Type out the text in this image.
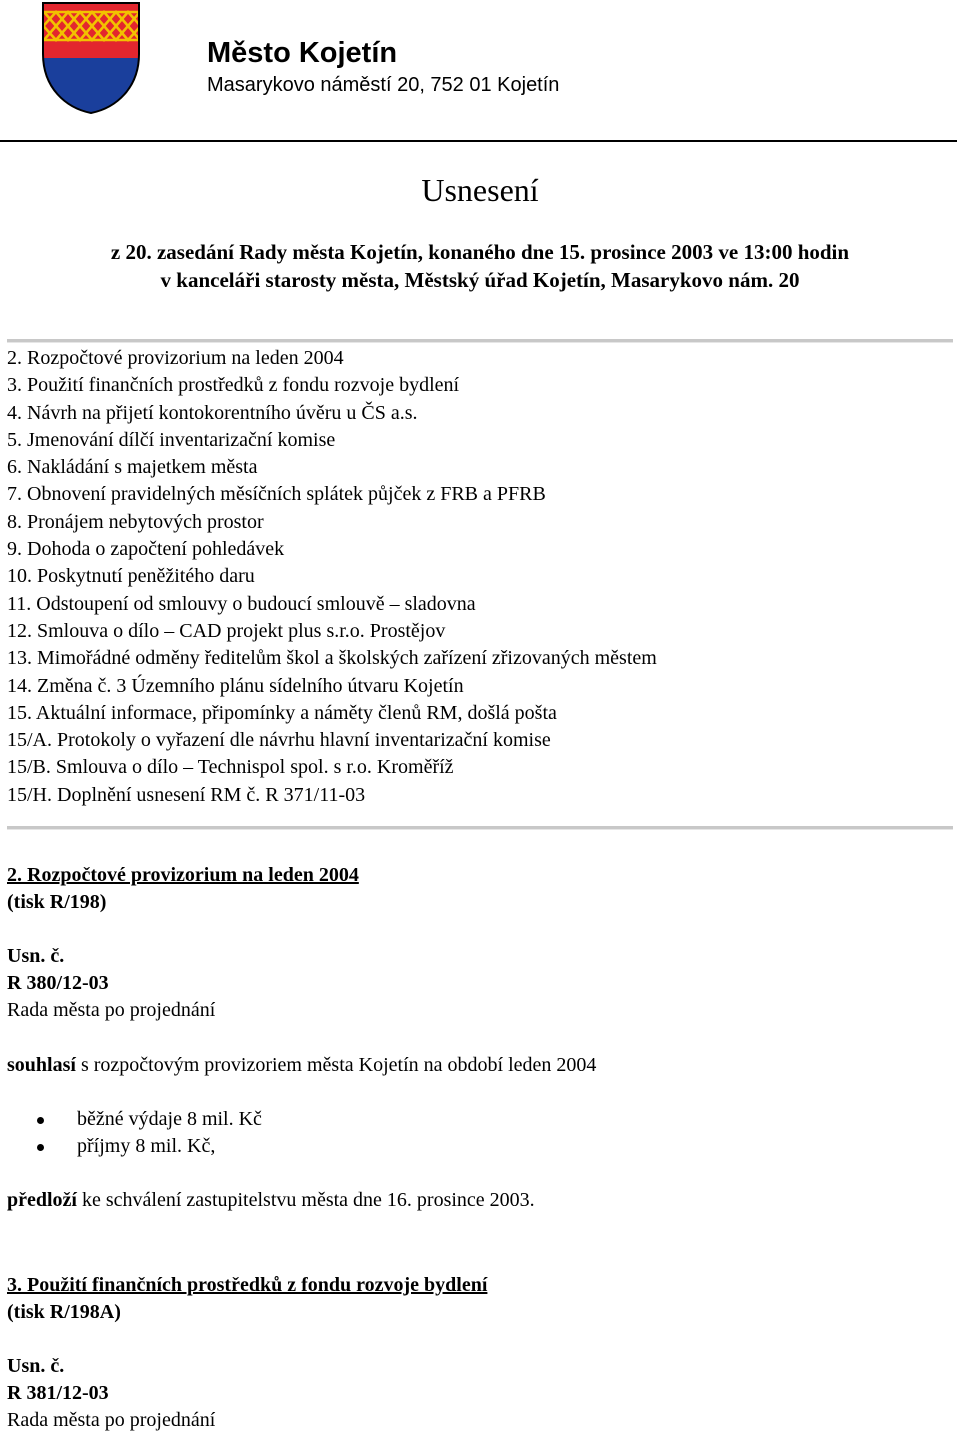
Město Kojetín
Masarykovo náměstí 20, 752 01 Kojetín
Usnesení
z 20. zasedání Rady města Kojetín, konaného dne 15. prosince 2003 ve 13:00 hodin
v kanceláři starosty města, Městský úřad Kojetín, Masarykovo nám. 20
2. Rozpočtové provizorium na leden 2004
3. Použití finančních prostředků z fondu rozvoje bydlení
4. Návrh na přijetí kontokorentního úvěru u ČS a.s.
5. Jmenování dílčí inventarizační komise
6. Nakládání s majetkem města
7. Obnovení pravidelných měsíčních splátek půjček z FRB a PFRB
8. Pronájem nebytových prostor
9. Dohoda o započtení pohledávek
10. Poskytnutí peněžitého daru
11. Odstoupení od smlouvy o budoucí smlouvě – sladovna
12. Smlouva o dílo – CAD projekt plus s.r.o. Prostějov
13. Mimořádné odměny ředitelům škol a školských zařízení zřizovaných městem
14. Změna č. 3 Územního plánu sídelního útvaru Kojetín
15. Aktuální informace, připomínky a náměty členů RM, došlá pošta
15/A. Protokoly o vyřazení dle návrhu hlavní inventarizační komise
15/B. Smlouva o dílo – Technispol spol. s r.o. Kroměříž
15/H. Doplnění usnesení RM č. R 371/11-03
2. Rozpočtové provizorium na leden 2004
(tisk R/198)
Usn. č.
R 380/12-03
Rada města po projednání
souhlasí s rozpočtovým provizoriem města Kojetín na období leden 2004
běžné výdaje 8 mil. Kč
příjmy 8 mil. Kč,
předloží ke schválení zastupitelstvu města dne 16. prosince 2003.
3. Použití finančních prostředků z fondu rozvoje bydlení
(tisk R/198A)
Usn. č.
R 381/12-03
Rada města po projednání
